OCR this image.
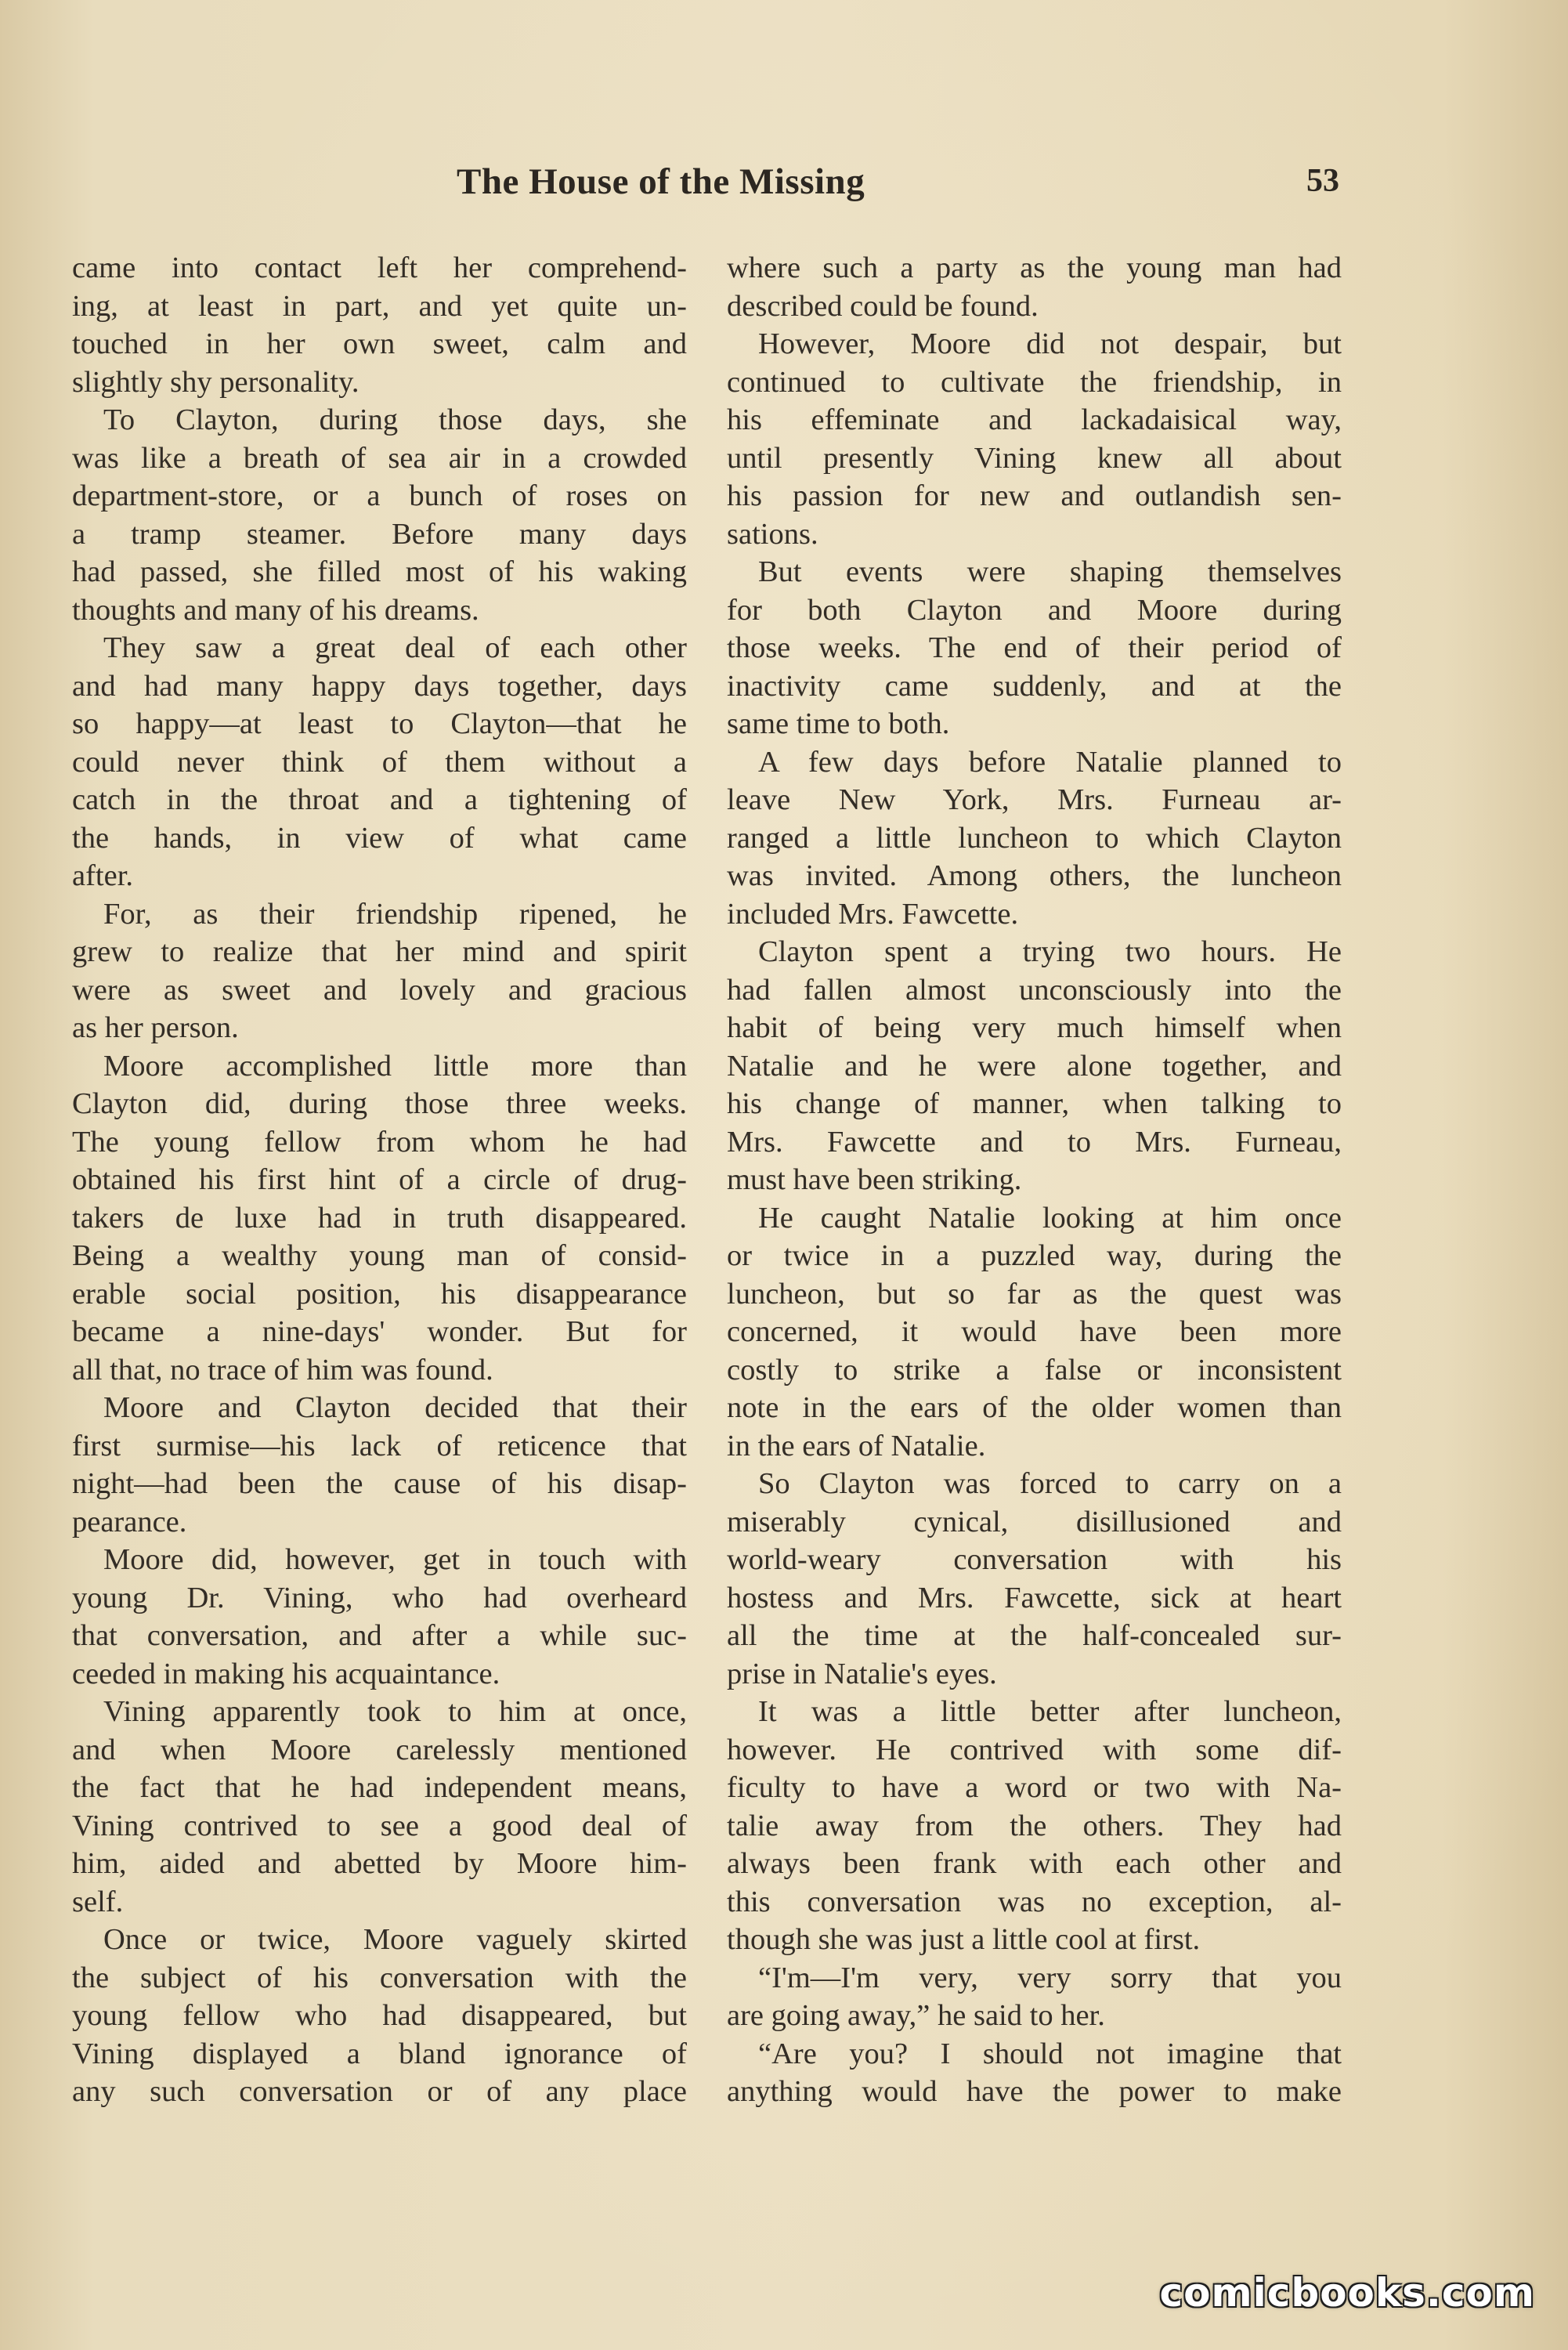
The House of the Missing	53
came into contact left her comprehend-
ing, at least in part, and yet quite un-
touched in her own sweet, calm and
slightly shy personality.
To Clayton, during those days, she
was like a breath of sea air in a crowded
department-store, or a bunch of roses on
a tramp steamer. Before many days
had passed, she filled most of his waking
thoughts and many of his dreams.
They saw a great deal of each other
and had many happy days together, days
so happy—at least to Clayton—that he
could never think of them without a
catch in the throat and a tightening of
the hands, in view of what came
after.
For, as their friendship ripened, he
grew to realize that her mind and spirit
were as sweet and lovely and gracious
as her person.
Moore accomplished little more than
Clayton did, during those three weeks.
The young fellow from whom he had
obtained his first hint of a circle of drug-
takers de luxe had in truth disappeared.
Being a wealthy young man of consid-
erable social position, his disappearance
became a nine-days' wonder. But for
all that, no trace of him was found.
Moore and Clayton decided that their
first surmise—his lack of reticence that
night—had been the cause of his disap-
pearance.
Moore did, however, get in touch with
young Dr. Vining, who had overheard
that conversation, and after a while suc-
ceeded in making his acquaintance.
Vining apparently took to him at once,
and when Moore carelessly mentioned
the fact that he had independent means,
Vining contrived to see a good deal of
him, aided and abetted by Moore him-
self.
Once or twice, Moore vaguely skirted
the subject of his conversation with the
young fellow who had disappeared, but
Vining displayed a bland ignorance of
any such conversation or of any place
where such a party as the young man had
described could be found.
However, Moore did not despair, but
continued to cultivate the friendship, in
his effeminate and lackadaisical way,
until presently Vining knew all about
his passion for new and outlandish sen-
sations.
But events were shaping themselves
for both Clayton and Moore during
those weeks. The end of their period of
inactivity came suddenly, and at the
same time to both.
A few days before Natalie planned to
leave New York, Mrs. Furneau ar-
ranged a little luncheon to which Clayton
was invited. Among others, the luncheon
included Mrs. Fawcette.
Clayton spent a trying two hours. He
had fallen almost unconsciously into the
habit of being very much himself when
Natalie and he were alone together, and
his change of manner, when talking to
Mrs. Fawcette and to Mrs. Furneau,
must have been striking.
He caught Natalie looking at him once
or twice in a puzzled way, during the
luncheon, but so far as the quest was
concerned, it would have been more
costly to strike a false or inconsistent
note in the ears of the older women than
in the ears of Natalie.
So Clayton was forced to carry on a
miserably cynical, disillusioned and
world-weary conversation with his
hostess and Mrs. Fawcette, sick at heart
all the time at the half-concealed sur-
prise in Natalie's eyes.
It was a little better after luncheon,
however. He contrived with some dif-
ficulty to have a word or two with Na-
talie away from the others. They had
always been frank with each other and
this conversation was no exception, al-
though she was just a little cool at first.
“I'm—I'm very, very sorry that you
are going away,” he said to her.
“Are you? I should not imagine that
anything would have the power to make
comicbooks.com
